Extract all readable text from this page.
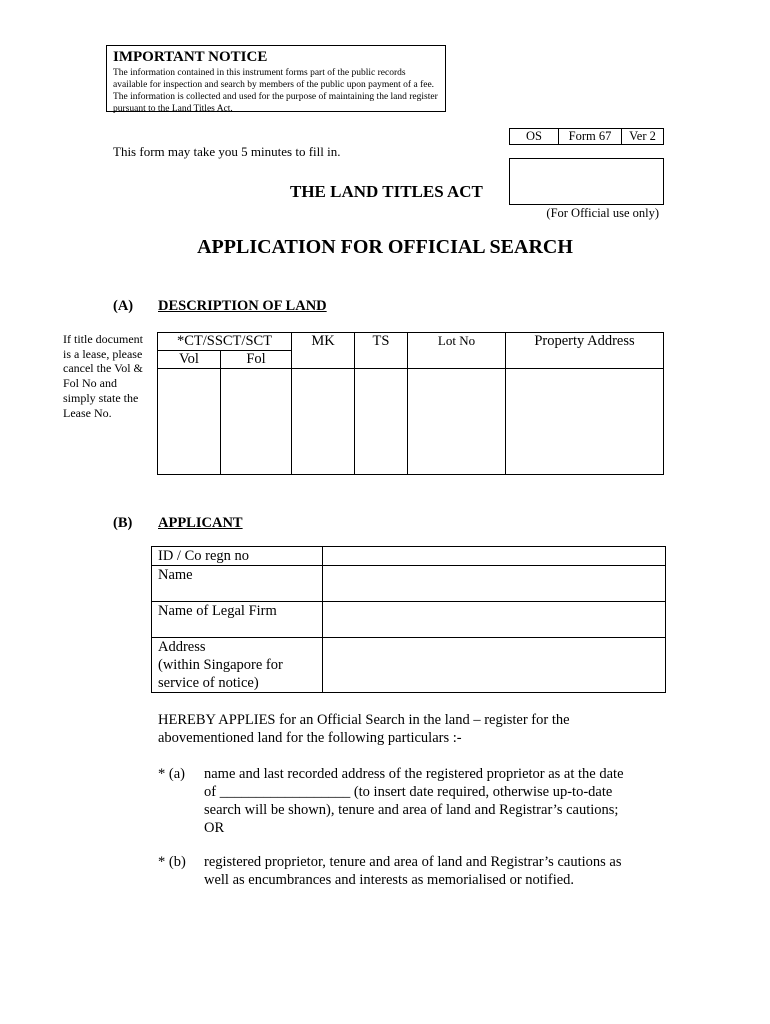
IMPORTANT NOTICE
The information contained in this instrument forms part of the public records available for inspection and search by members of the public upon payment of a fee. The information is collected and used for the purpose of maintaining the land register pursuant to the Land Titles Act.
OS	Form 67	Ver 2
This form may take you 5 minutes to fill in.
(For Official use only)
THE LAND TITLES ACT
APPLICATION FOR OFFICIAL SEARCH
(A) DESCRIPTION OF LAND
If title document is a lease, please cancel the Vol & Fol No and simply state the Lease No.
*CT/SSCT/SCT		MK	TS	Lot No	Property Address
Vol	Fol				

(B) APPLICANT
ID / Co regn no	
Name	
Name of Legal Firm	

Address
(within Singapore for
service of notice)	

HEREBY APPLIES for an Official Search in the land – register for the
abovementioned land for the following particulars :-
* (a) name and last recorded address of the registered proprietor as at the date
of __________________ (to insert date required, otherwise up-to-date
search will be shown), tenure and area of land and Registrar’s cautions;
OR
* (b) registered proprietor, tenure and area of land and Registrar’s cautions as
well as encumbrances and interests as memorialised or notified.
